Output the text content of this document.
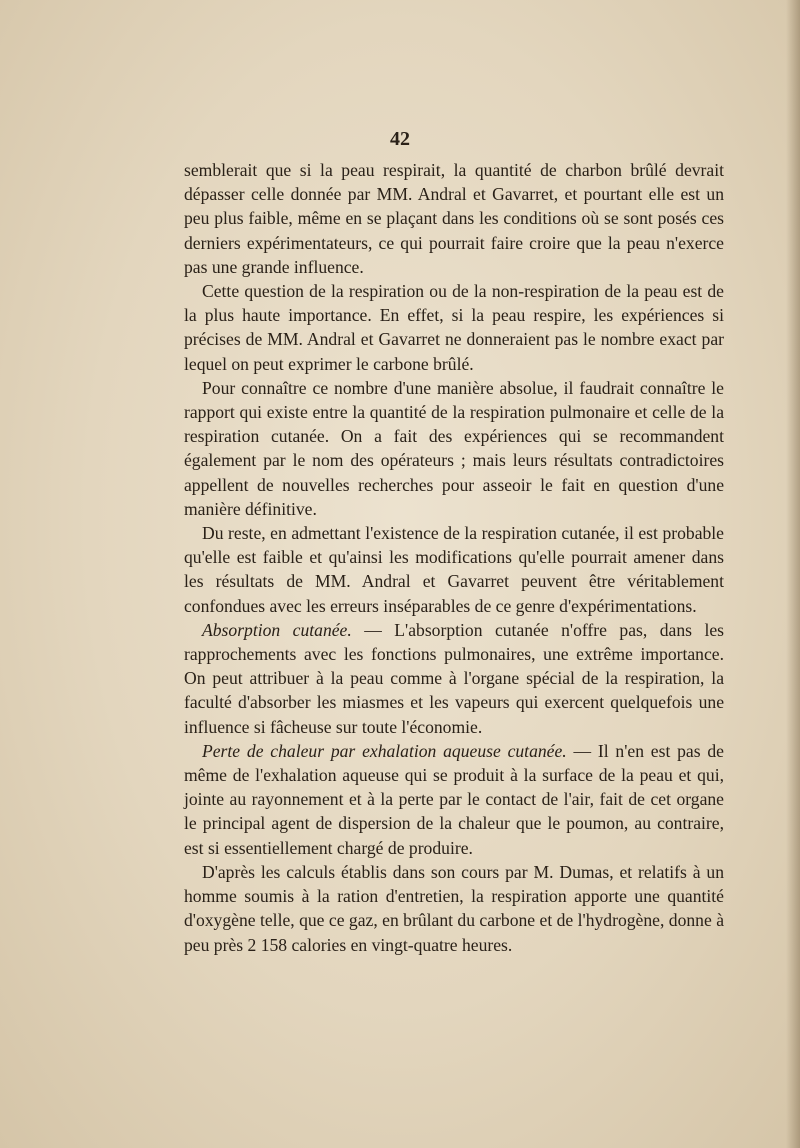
42

semblerait que si la peau respirait, la quantité de charbon brûlé devrait dépasser celle donnée par MM. Andral et Gavarret, et pourtant elle est un peu plus faible, même en se plaçant dans les conditions où se sont posés ces derniers expérimentateurs, ce qui pourrait faire croire que la peau n'exerce pas une grande influence.

Cette question de la respiration ou de la non-respiration de la peau est de la plus haute importance. En effet, si la peau respire, les expériences si précises de MM. Andral et Gavarret ne donneraient pas le nombre exact par lequel on peut exprimer le carbone brûlé.

Pour connaître ce nombre d'une manière absolue, il faudrait connaître le rapport qui existe entre la quantité de la respiration pulmonaire et celle de la respiration cutanée. On a fait des expériences qui se recommandent également par le nom des opérateurs ; mais leurs résultats contradictoires appellent de nouvelles recherches pour asseoir le fait en question d'une manière définitive.

Du reste, en admettant l'existence de la respiration cutanée, il est probable qu'elle est faible et qu'ainsi les modifications qu'elle pourrait amener dans les résultats de MM. Andral et Gavarret peuvent être véritablement confondues avec les erreurs inséparables de ce genre d'expérimentations.

Absorption cutanée. — L'absorption cutanée n'offre pas, dans les rapprochements avec les fonctions pulmonaires, une extrême importance. On peut attribuer à la peau comme à l'organe spécial de la respiration, la faculté d'absorber les miasmes et les vapeurs qui exercent quelquefois une influence si fâcheuse sur toute l'économie.

Perte de chaleur par exhalation aqueuse cutanée. — Il n'en est pas de même de l'exhalation aqueuse qui se produit à la surface de la peau et qui, jointe au rayonnement et à la perte par le contact de l'air, fait de cet organe le principal agent de dispersion de la chaleur que le poumon, au contraire, est si essentiellement chargé de produire.

D'après les calculs établis dans son cours par M. Dumas, et relatifs à un homme soumis à la ration d'entretien, la respiration apporte une quantité d'oxygène telle, que ce gaz, en brûlant du carbone et de l'hydrogène, donne à peu près 2 158 calories en vingt-quatre heures.
